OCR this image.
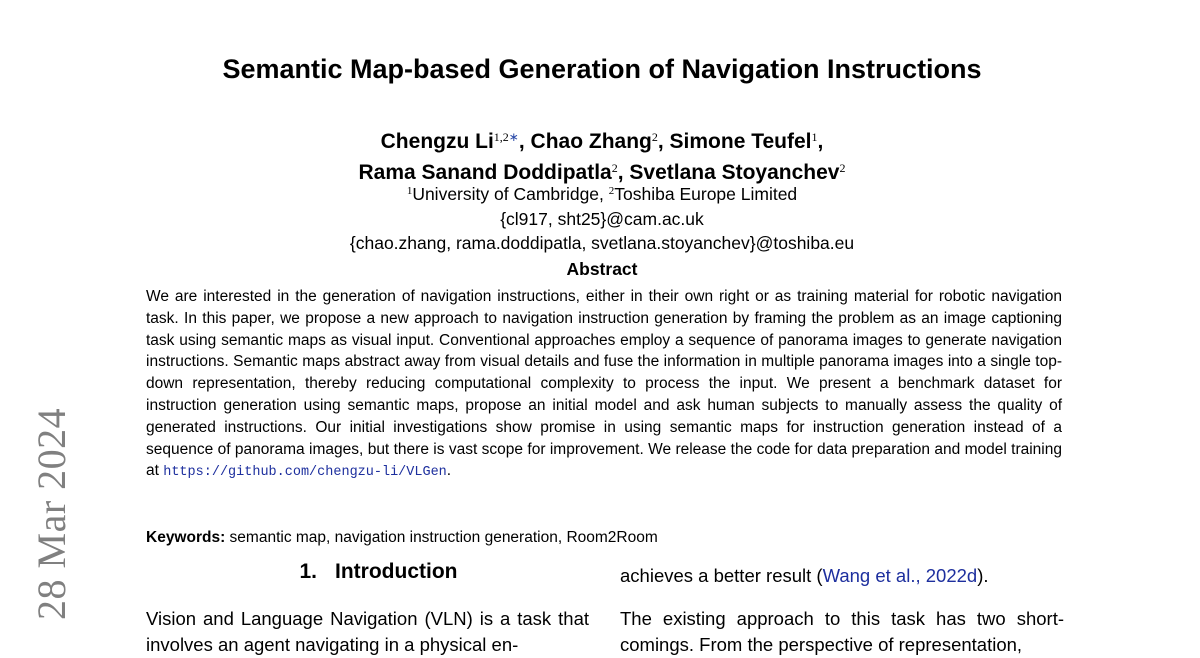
28 Mar 2024
Semantic Map-based Generation of Navigation Instructions
Chengzu $Li^{1,2∗}$, Chao Zhang$^2$, Simone Teufel$^1$,
Rama Sanand Doddipatla$^2$, Svetlana Stoyanchev$^2$
$^1$University of Cambridge, $^2$Toshiba Europe Limited
{cl917, sht25}@cam.ac.uk
{chao.zhang, rama.doddipatla, svetlana.stoyanchev}@toshiba.eu
Abstract
We are interested in the generation of navigation instructions, either in their own right or as training material for robotic navigation task. In this paper, we propose a new approach to navigation instruction generation by framing the problem as an image captioning task using semantic maps as visual input. Conventional approaches employ a sequence of panorama images to generate navigation instructions. Semantic maps abstract away from visual details and fuse the information in multiple panorama images into a single top-down representation, thereby reducing computational complexity to process the input. We present a benchmark dataset for instruction generation using semantic maps, propose an initial model and ask human subjects to manually assess the quality of generated instructions. Our initial investigations show promise in using semantic maps for instruction generation instead of a sequence of panorama images, but there is vast scope for improvement. We release the code for data preparation and model training at https://github.com/chengzu-li/VLGen.
Keywords: semantic map, navigation instruction generation, Room2Room
1. Introduction
Vision and Language Navigation (VLN) is a task that involves an agent navigating in a physical en-
achieves a better result (Wang et al., 2022d).
The existing approach to this task has two short-comings. From the perspective of representation,
